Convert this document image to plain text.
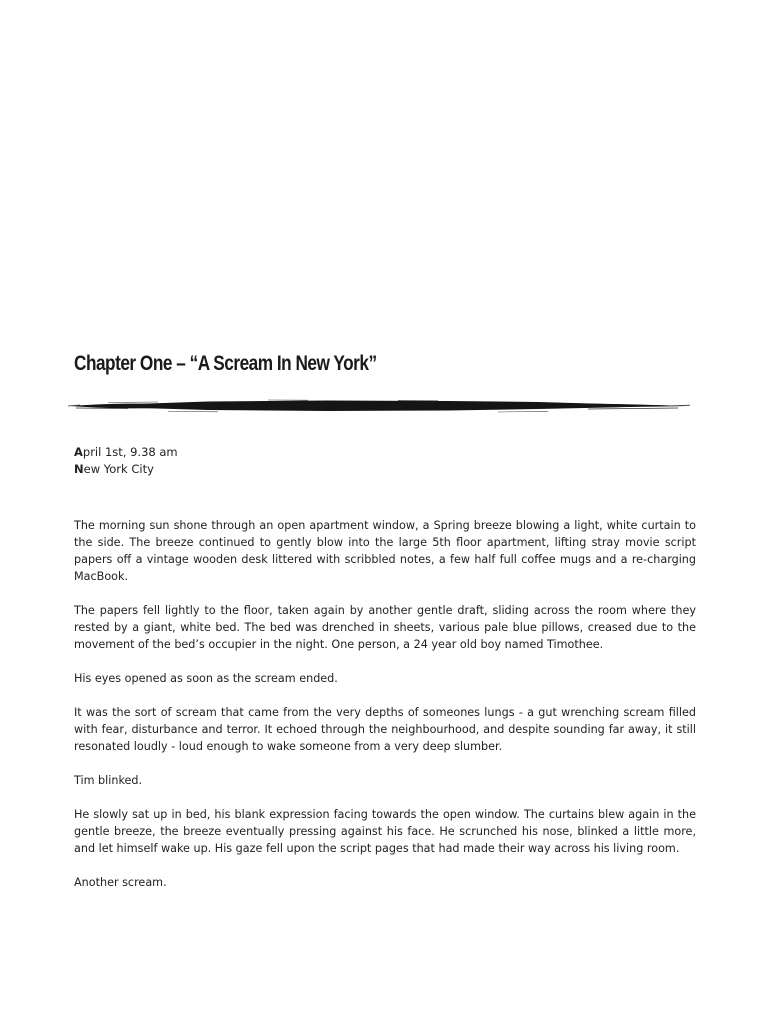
Chapter One – “A Scream In New York”
April 1st, 9.38 am
New York City

The morning sun shone through an open apartment window, a Spring breeze blowing a light, white curtain to the side. The breeze continued to gently blow into the large 5th floor apartment, lifting stray movie script papers off a vintage wooden desk littered with scribbled notes, a few half full coffee mugs and a re-charging MacBook.

The papers fell lightly to the floor, taken again by another gentle draft, sliding across the room where they rested by a giant, white bed. The bed was drenched in sheets, various pale blue pillows, creased due to the movement of the bed’s occupier in the night. One person, a 24 year old boy named Timothee.

His eyes opened as soon as the scream ended.

It was the sort of scream that came from the very depths of someones lungs - a gut wrenching scream filled with fear, disturbance and terror. It echoed through the neighbourhood, and despite sounding far away, it still resonated loudly - loud enough to wake someone from a very deep slumber.

Tim blinked.

He slowly sat up in bed, his blank expression facing towards the open window. The curtains blew again in the gentle breeze, the breeze eventually pressing against his face. He scrunched his nose, blinked a little more, and let himself wake up. His gaze fell upon the script pages that had made their way across his living room.

Another scream.
